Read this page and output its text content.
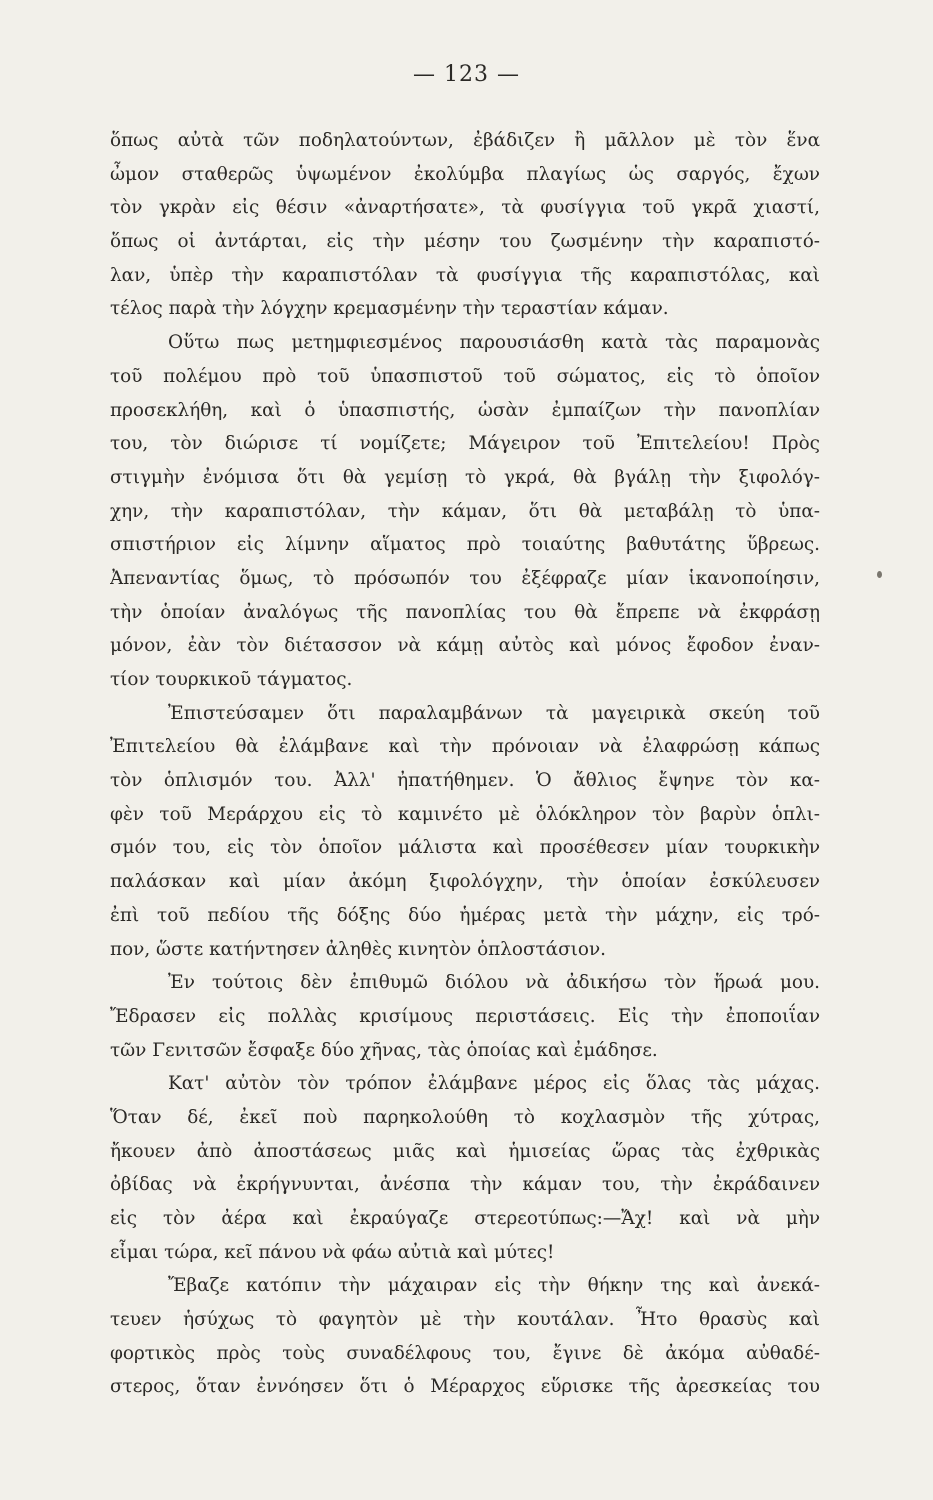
— 123 —
ὅπως αὐτὰ τῶν ποδηλατούντων, ἐβάδιζεν ἢ μᾶλλον μὲ τὸν ἕνα
ὦμον σταθερῶς ὑψωμένον ἐκολύμβα πλαγίως ὡς σαργός, ἔχων
τὸν γκρὰν εἰς θέσιν «ἀναρτήσατε», τὰ φυσίγγια τοῦ γκρᾶ χιαστί,
ὅπως οἱ ἀντάρται, εἰς τὴν μέσην του ζωσμένην τὴν καραπιστό-
λαν, ὑπὲρ τὴν καραπιστόλαν τὰ φυσίγγια τῆς καραπιστόλας, καὶ
τέλος παρὰ τὴν λόγχην κρεμασμένην τὴν τεραστίαν κάμαν.
Οὕτω πως μετημφιεσμένος παρουσιάσθη κατὰ τὰς παραμονὰς
τοῦ πολέμου πρὸ τοῦ ὑπασπιστοῦ τοῦ σώματος, εἰς τὸ ὁποῖον
προσεκλήθη, καὶ ὁ ὑπασπιστής, ὡσὰν ἐμπαίζων τὴν πανοπλίαν
του, τὸν διώρισε τί νομίζετε; Μάγειρον τοῦ Ἐπιτελείου! Πρὸς
στιγμὴν ἐνόμισα ὅτι θὰ γεμίσῃ τὸ γκρά, θὰ βγάλῃ τὴν ξιφολόγ-
χην, τὴν καραπιστόλαν, τὴν κάμαν, ὅτι θὰ μεταβάλῃ τὸ ὑπα-
σπιστήριον εἰς λίμνην αἵματος πρὸ τοιαύτης βαθυτάτης ὕβρεως.
Ἀπεναντίας ὅμως, τὸ πρόσωπόν του ἐξέφραζε μίαν ἱκανοποίησιν,
τὴν ὁποίαν ἀναλόγως τῆς πανοπλίας του θὰ ἔπρεπε νὰ ἐκφράσῃ
μόνον, ἐὰν τὸν διέτασσον νὰ κάμῃ αὐτὸς καὶ μόνος ἔφοδον ἐναν-
τίον τουρκικοῦ τάγματος.
Ἐπιστεύσαμεν ὅτι παραλαμβάνων τὰ μαγειρικὰ σκεύη τοῦ
Ἐπιτελείου θὰ ἐλάμβανε καὶ τὴν πρόνοιαν νὰ ἐλαφρώσῃ κάπως
τὸν ὁπλισμόν του. Ἀλλ' ἠπατήθημεν. Ὁ ἄθλιος ἔψηνε τὸν κα-
φὲν τοῦ Μεράρχου εἰς τὸ καμινέτο μὲ ὁλόκληρον τὸν βαρὺν ὁπλι-
σμόν του, εἰς τὸν ὁποῖον μάλιστα καὶ προσέθεσεν μίαν τουρκικὴν
παλάσκαν καὶ μίαν ἀκόμη ξιφολόγχην, τὴν ὁποίαν ἐσκύλευσεν
ἐπὶ τοῦ πεδίου τῆς δόξης δύο ἡμέρας μετὰ τὴν μάχην, εἰς τρό-
πον, ὥστε κατήντησεν ἀληθὲς κινητὸν ὁπλοστάσιον.
Ἐν τούτοις δὲν ἐπιθυμῶ διόλου νὰ ἀδικήσω τὸν ἥρωά μου.
Ἔδρασεν εἰς πολλὰς κρισίμους περιστάσεις. Εἰς τὴν ἐποποιΐαν
τῶν Γενιτσῶν ἔσφαξε δύο χῆνας, τὰς ὁποίας καὶ ἐμάδησε.
Κατ' αὐτὸν τὸν τρόπον ἐλάμβανε μέρος εἰς ὅλας τὰς μάχας.
Ὅταν δέ, ἐκεῖ ποὺ παρηκολούθη τὸ κοχλασμὸν τῆς χύτρας,
ἤκουεν ἀπὸ ἀποστάσεως μιᾶς καὶ ἡμισείας ὥρας τὰς ἐχθρικὰς
ὀβίδας νὰ ἐκρήγνυνται, ἀνέσπα τὴν κάμαν του, τὴν ἐκράδαινεν
εἰς τὸν ἀέρα καὶ ἐκραύγαζε στερεοτύπως:—Ἄχ! καὶ νὰ μὴν
εἶμαι τώρα, κεῖ πάνου νὰ φάω αὐτιὰ καὶ μύτες!
Ἔβαζε κατόπιν τὴν μάχαιραν εἰς τὴν θήκην της καὶ ἀνεκά-
τευεν ἡσύχως τὸ φαγητὸν μὲ τὴν κουτάλαν. Ἦτο θρασὺς καὶ
φορτικὸς πρὸς τοὺς συναδέλφους του, ἔγινε δὲ ἀκόμα αὐθαδέ-
στερος, ὅταν ἐννόησεν ὅτι ὁ Μέραρχος εὕρισκε τῆς ἀρεσκείας του
